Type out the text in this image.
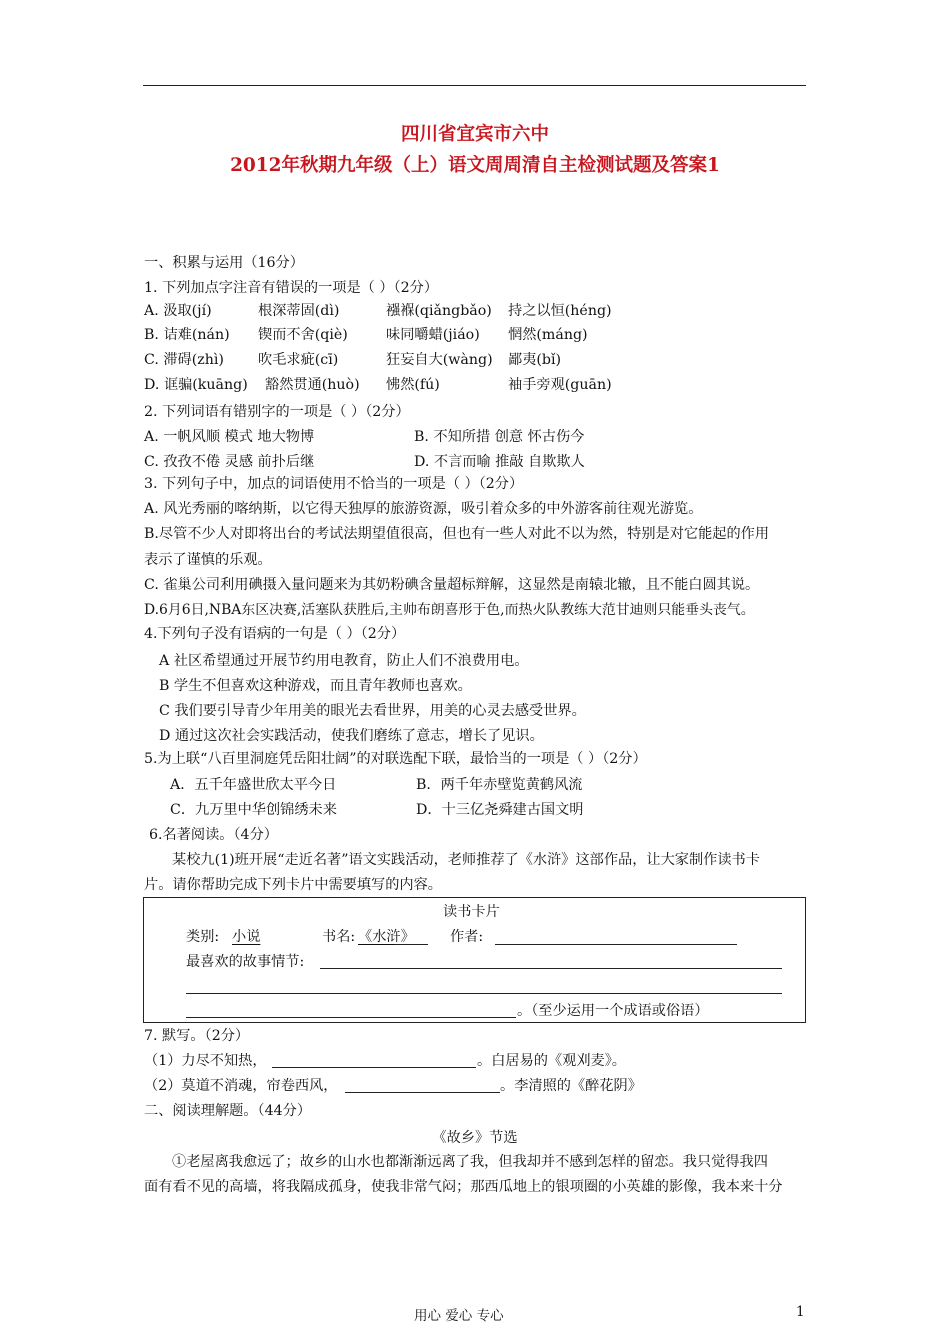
四川省宜宾市六中
2012年秋期九年级（上）语文周周清自主检测试题及答案1
一、积累与运用（16分）
1. 下列加点字注音有错误的一项是（ ）（2分）
A. 汲取(jí)	根深蒂固(dì)	襁褓(qiǎngbǎo) 持之以恒(héng)
B. 诘难(nán) 锲而不舍(qiè)	味同嚼蜡(jiáo) 惘然(máng)
C. 滞碍(zhì) 吹毛求疵(cī)	狂妄自大(wàng) 鄙夷(bǐ)
D. 诓骗(kuāng) 豁然贯通(huò) 怫然(fú)	袖手旁观(guān)
2. 下列词语有错别字的一项是（ ）（2分）
A. 一帆风顺 模式 地大物博	B. 不知所措 创意 怀古伤今
C. 孜孜不倦 灵感 前扑后继	D. 不言而喻 推敲 自欺欺人
3. 下列句子中，加点的词语使用不恰当的一项是（ ）（2分）
A. 风光秀丽的喀纳斯，以它得天独厚的旅游资源，吸引着众多的中外游客前往观光游览。
B.尽管不少人对即将出台的考试法期望值很高，但也有一些人对此不以为然，特别是对它能起的作用
表示了谨慎的乐观。
C. 雀巢公司利用碘摄入量问题来为其奶粉碘含量超标辩解，这显然是南辕北辙，且不能白圆其说。
D.6月6日,NBA东区决赛,活塞队获胜后,主帅布朗喜形于色,而热火队教练大范甘迪则只能垂头丧气。
4.下列句子没有语病的一句是（ ）（2分）
A 社区希望通过开展节约用电教育，防止人们不浪费用电。
B 学生不但喜欢这种游戏，而且青年教师也喜欢。
C 我们要引导青少年用美的眼光去看世界，用美的心灵去感受世界。
D 通过这次社会实践活动，使我们磨练了意志，增长了见识。
5.为上联“八百里洞庭凭岳阳壮阔”的对联选配下联，最恰当的一项是（ ）（2分）
A．五千年盛世欣太平今日	B．两千年赤壁览黄鹤风流
C．九万里中华创锦绣未来	D．十三亿尧舜建古国文明
6.名著阅读。（4分）
某校九(1)班开展“走近名著”语文实践活动，老师推荐了《水浒》这部作品，让大家制作读书卡
片。请你帮助完成下列卡片中需要填写的内容。
读书卡片
类别: 小说	书名: 《水浒》 作者:
最喜欢的故事情节:
。（至少运用一个成语或俗语）
7. 默写。（2分）
（1）力尽不知热，	。白居易的《观刈麦》。
（2）莫道不消魂，帘卷西风，	。李清照的《醉花阴》
二、阅读理解题。（44分）
《故乡》节选
①老屋离我愈远了；故乡的山水也都渐渐远离了我，但我却并不感到怎样的留恋。我只觉得我四
面有看不见的高墙，将我隔成孤身，使我非常气闷；那西瓜地上的银项圈的小英雄的影像，我本来十分
用心 爱心 专心	1
